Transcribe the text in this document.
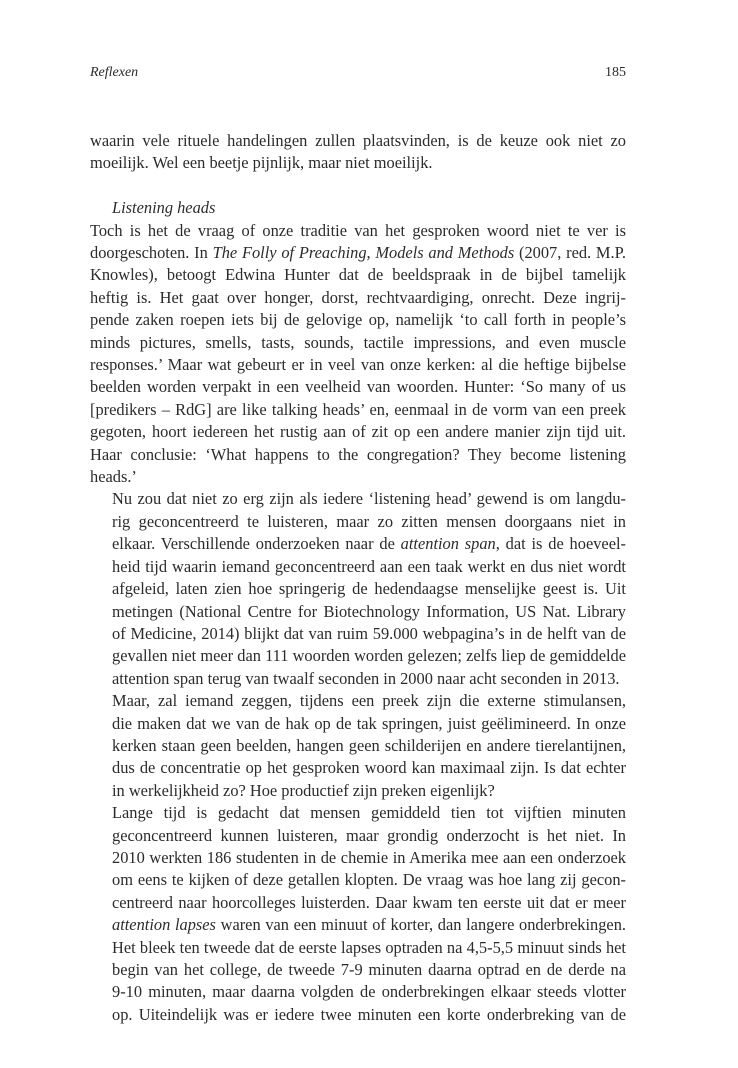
Reflexen	185

waarin vele rituele handelingen zullen plaatsvinden, is de keuze ook niet zo
moeilijk. Wel een beetje pijnlijk, maar niet moeilijk.

Listening heads

Toch is het de vraag of onze traditie van het gesproken woord niet te ver is
doorgeschoten. In The Folly of Preaching, Models and Methods (2007, red. M.P.
Knowles), betoogt Edwina Hunter dat de beeldspraak in de bijbel tamelijk
heftig is. Het gaat over honger, dorst, rechtvaardiging, onrecht. Deze ingrij-
pende zaken roepen iets bij de gelovige op, namelijk ‘to call forth in people’s
minds pictures, smells, tasts, sounds, tactile impressions, and even muscle
responses.’ Maar wat gebeurt er in veel van onze kerken: al die heftige bijbelse
beelden worden verpakt in een veelheid van woorden. Hunter: ‘So many of us
[predikers – RdG] are like talking heads’ en, eenmaal in de vorm van een preek
gegoten, hoort iedereen het rustig aan of zit op een andere manier zijn tijd uit.
Haar conclusie: ‘What happens to the congregation? They become listening
heads.’

Nu zou dat niet zo erg zijn als iedere ‘listening head’ gewend is om langdu-
rig geconcentreerd te luisteren, maar zo zitten mensen doorgaans niet in
elkaar. Verschillende onderzoeken naar de attention span, dat is de hoeveel-
heid tijd waarin iemand geconcentreerd aan een taak werkt en dus niet wordt
afgeleid, laten zien hoe springerig de hedendaagse menselijke geest is. Uit
metingen (National Centre for Biotechnology Information, US Nat. Library
of Medicine, 2014) blijkt dat van ruim 59.000 webpagina’s in de helft van de
gevallen niet meer dan 111 woorden worden gelezen; zelfs liep de gemiddelde
attention span terug van twaalf seconden in 2000 naar acht seconden in 2013.

Maar, zal iemand zeggen, tijdens een preek zijn die externe stimulansen,
die maken dat we van de hak op de tak springen, juist geëlimineerd. In onze
kerken staan geen beelden, hangen geen schilderijen en andere tierelantijnen,
dus de concentratie op het gesproken woord kan maximaal zijn. Is dat echter
in werkelijkheid zo? Hoe productief zijn preken eigenlijk?

Lange tijd is gedacht dat mensen gemiddeld tien tot vijftien minuten
geconcentreerd kunnen luisteren, maar grondig onderzocht is het niet. In
2010 werkten 186 studenten in de chemie in Amerika mee aan een onderzoek
om eens te kijken of deze getallen klopten. De vraag was hoe lang zij gecon-
centreerd naar hoorcolleges luisterden. Daar kwam ten eerste uit dat er meer
attention lapses waren van een minuut of korter, dan langere onderbrekingen.
Het bleek ten tweede dat de eerste lapses optraden na 4,5-5,5 minuut sinds het
begin van het college, de tweede 7-9 minuten daarna optrad en de derde na
9-10 minuten, maar daarna volgden de onderbrekingen elkaar steeds vlotter
op. Uiteindelijk was er iedere twee minuten een korte onderbreking van de
